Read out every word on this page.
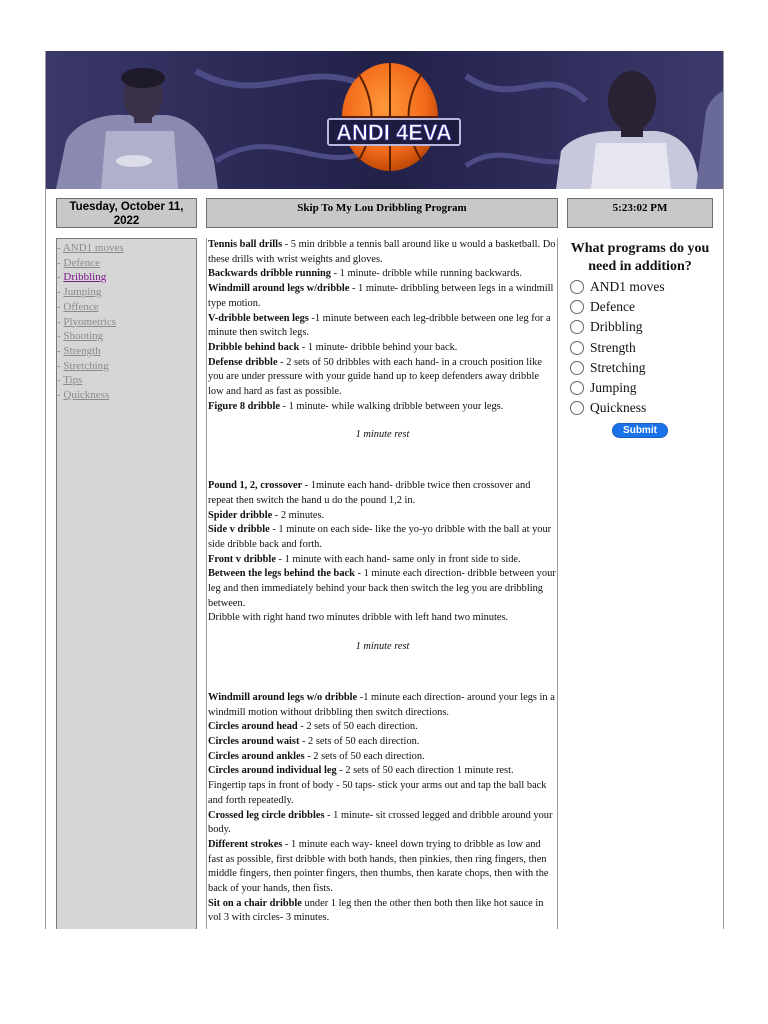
ANDI 4EVA
Tuesday, October 11, 2022
Skip To My Lou Dribbling Program	5:23:02 PM
- AND1 moves
- Defence
- Dribbling
- Jumping
- Offence
- Plyometrics
- Shooting
- Strength
- Stretching
- Tips
- Quickness
Tennis ball drills - 5 min dribble a tennis ball around like u would a basketball. Do these drills with wrist weights and gloves.
Backwards dribble running - 1 minute- dribble while running backwards.
Windmill around legs w/dribble - 1 minute- dribbling between legs in a windmill type motion.
V-dribble between legs -1 minute between each leg-dribble between one leg for a minute then switch legs.
Dribble behind back - 1 minute- dribble behind your back.
Defense dribble - 2 sets of 50 dribbles with each hand- in a crouch position like you are under pressure with your guide hand up to keep defenders away dribble low and hard as fast as possible.
Figure 8 dribble - 1 minute- while walking dribble between your legs.
1 minute rest
Pound 1, 2, crossover - 1minute each hand- dribble twice then crossover and repeat then switch the hand u do the pound 1,2 in.
Spider dribble - 2 minutes.
Side v dribble - 1 minute on each side- like the yo-yo dribble with the ball at your side dribble back and forth.
Front v dribble - 1 minute with each hand- same only in front side to side.
Between the legs behind the back - 1 minute each direction- dribble between your leg and then immediately behind your back then switch the leg you are dribbling between.
Dribble with right hand two minutes dribble with left hand two minutes.
1 minute rest
Windmill around legs w/o dribble -1 minute each direction- around your legs in a windmill motion without dribbling then switch directions.
Circles around head - 2 sets of 50 each direction.
Circles around waist - 2 sets of 50 each direction.
Circles around ankles - 2 sets of 50 each direction.
Circles around individual leg - 2 sets of 50 each direction 1 minute rest.
Fingertip taps in front of body - 50 taps- stick your arms out and tap the ball back and forth repeatedly.
Crossed leg circle dribbles - 1 minute- sit crossed legged and dribble around your body.
Different strokes - 1 minute each way- kneel down trying to dribble as low and fast as possible, first dribble with both hands, then pinkies, then ring fingers, then middle fingers, then pointer fingers, then thumbs, then karate chops, then with the back of your hands, then fists.
Sit on a chair dribble under 1 leg then the other then both then like hot sauce in vol 3 with circles- 3 minutes.
What programs do you need in addition?
AND1 moves
Defence
Dribbling
Strength
Stretching
Jumping
Quickness
Submit
